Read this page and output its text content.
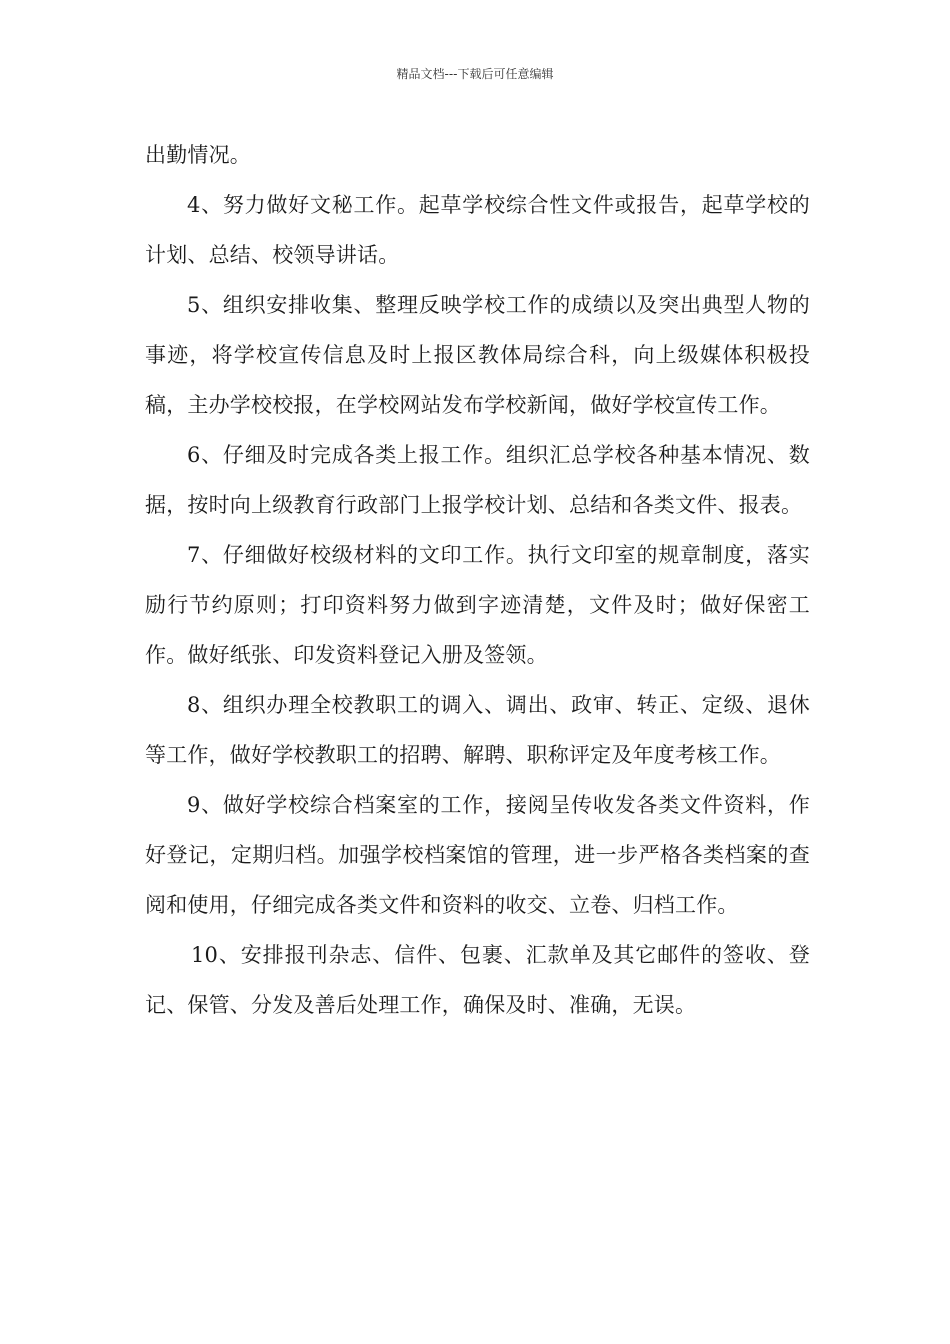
精品文档---下载后可任意编辑

出勤情况。

4、努力做好文秘工作。起草学校综合性文件或报告，起草学校的计划、总结、校领导讲话。

5、组织安排收集、整理反映学校工作的成绩以及突出典型人物的事迹，将学校宣传信息及时上报区教体局综合科，向上级媒体积极投稿，主办学校校报，在学校网站发布学校新闻，做好学校宣传工作。

6、仔细及时完成各类上报工作。组织汇总学校各种基本情况、数据，按时向上级教育行政部门上报学校计划、总结和各类文件、报表。

7、仔细做好校级材料的文印工作。执行文印室的规章制度，落实励行节约原则；打印资料努力做到字迹清楚，文件及时；做好保密工作。做好纸张、印发资料登记入册及签领。

8、组织办理全校教职工的调入、调出、政审、转正、定级、退休等工作，做好学校教职工的招聘、解聘、职称评定及年度考核工作。

9、做好学校综合档案室的工作，接阅呈传收发各类文件资料，作好登记，定期归档。加强学校档案馆的管理，进一步严格各类档案的查阅和使用，仔细完成各类文件和资料的收交、立卷、归档工作。

10、安排报刊杂志、信件、包裹、汇款单及其它邮件的签收、登记、保管、分发及善后处理工作，确保及时、准确，无误。
